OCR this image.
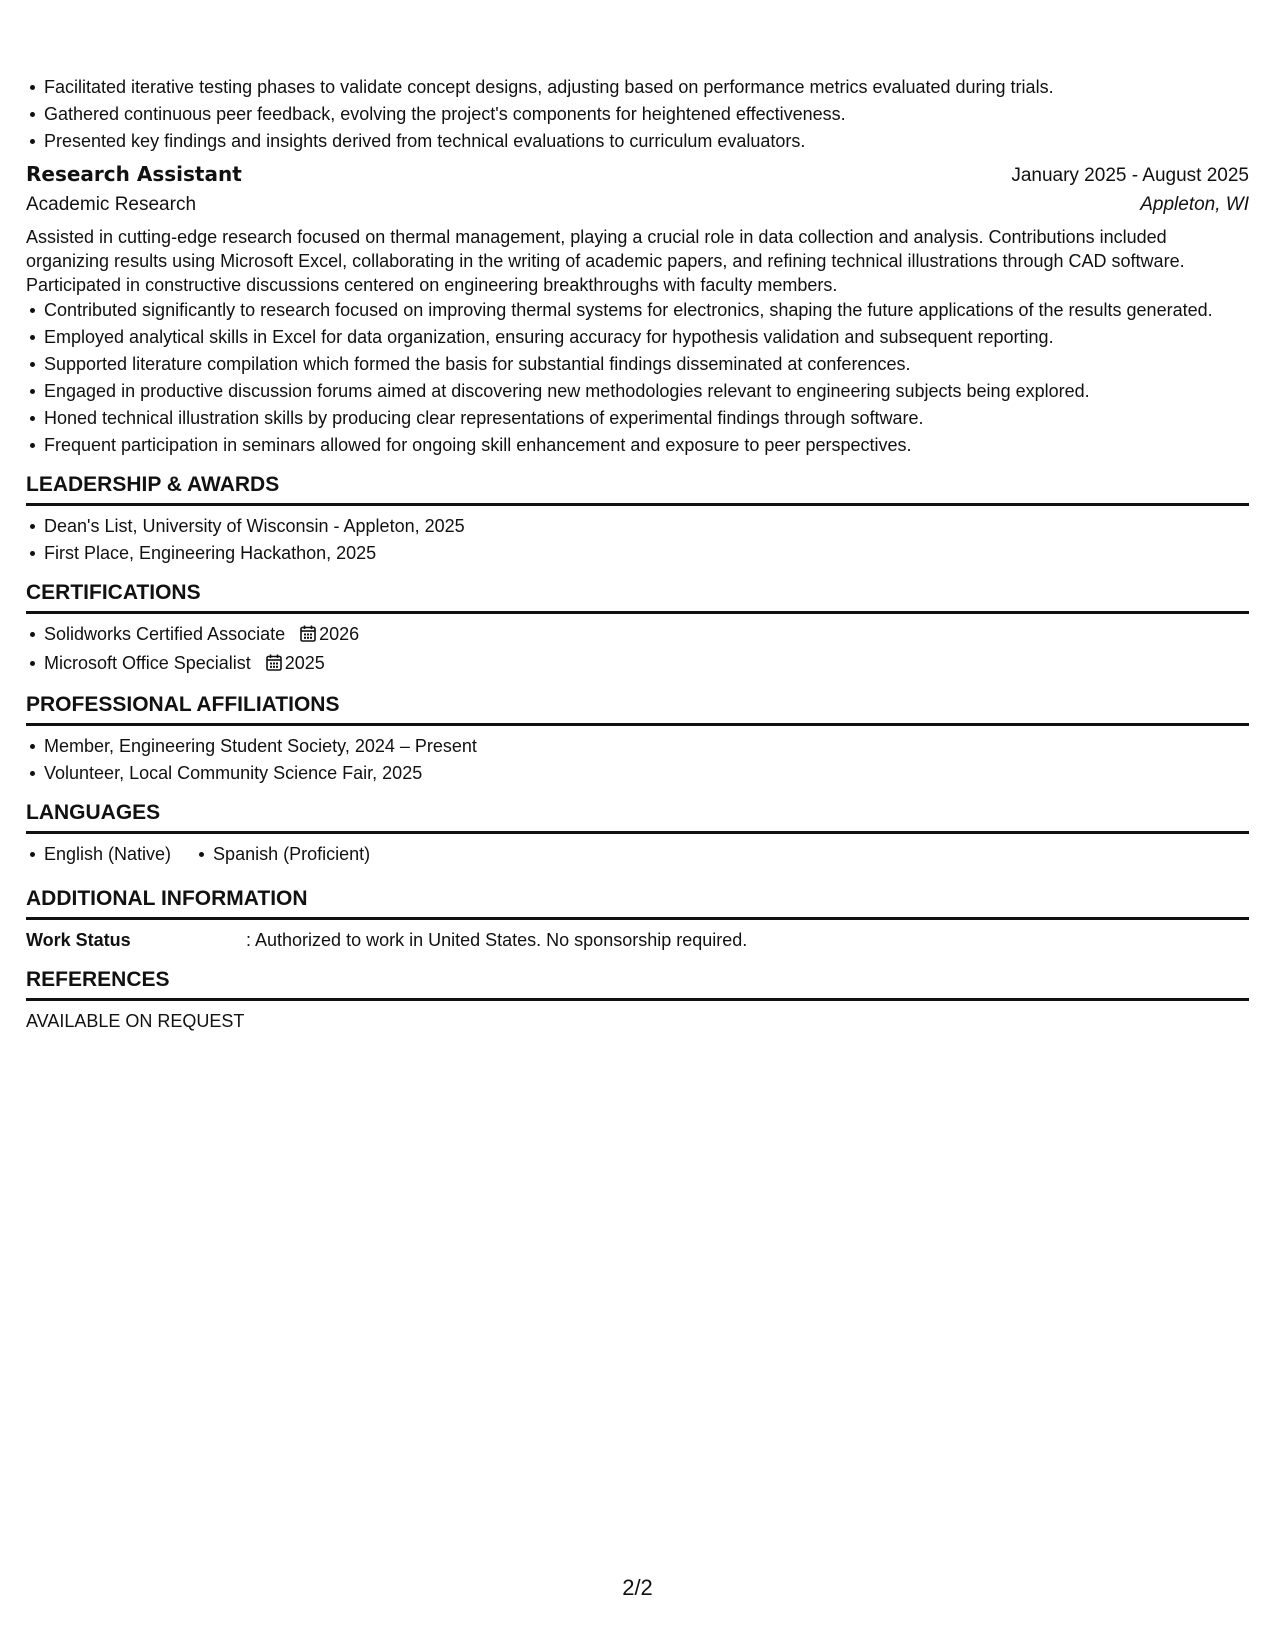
Facilitated iterative testing phases to validate concept designs, adjusting based on performance metrics evaluated during trials.
Gathered continuous peer feedback, evolving the project's components for heightened effectiveness.
Presented key findings and insights derived from technical evaluations to curriculum evaluators.
Research Assistant	January 2025 - August 2025
Academic Research	Appleton, WI
Assisted in cutting-edge research focused on thermal management, playing a crucial role in data collection and analysis. Contributions included organizing results using Microsoft Excel, collaborating in the writing of academic papers, and refining technical illustrations through CAD software. Participated in constructive discussions centered on engineering breakthroughs with faculty members.
Contributed significantly to research focused on improving thermal systems for electronics, shaping the future applications of the results generated.
Employed analytical skills in Excel for data organization, ensuring accuracy for hypothesis validation and subsequent reporting.
Supported literature compilation which formed the basis for substantial findings disseminated at conferences.
Engaged in productive discussion forums aimed at discovering new methodologies relevant to engineering subjects being explored.
Honed technical illustration skills by producing clear representations of experimental findings through software.
Frequent participation in seminars allowed for ongoing skill enhancement and exposure to peer perspectives.
LEADERSHIP & AWARDS
Dean's List, University of Wisconsin - Appleton, 2025
First Place, Engineering Hackathon, 2025
CERTIFICATIONS
Solidworks Certified Associate 2026
Microsoft Office Specialist 2025
PROFESSIONAL AFFILIATIONS
Member, Engineering Student Society, 2024 – Present
Volunteer, Local Community Science Fair, 2025
LANGUAGES
English (Native) Spanish (Proficient)
ADDITIONAL INFORMATION
Work Status	: Authorized to work in United States. No sponsorship required.
REFERENCES
AVAILABLE ON REQUEST
2/2
